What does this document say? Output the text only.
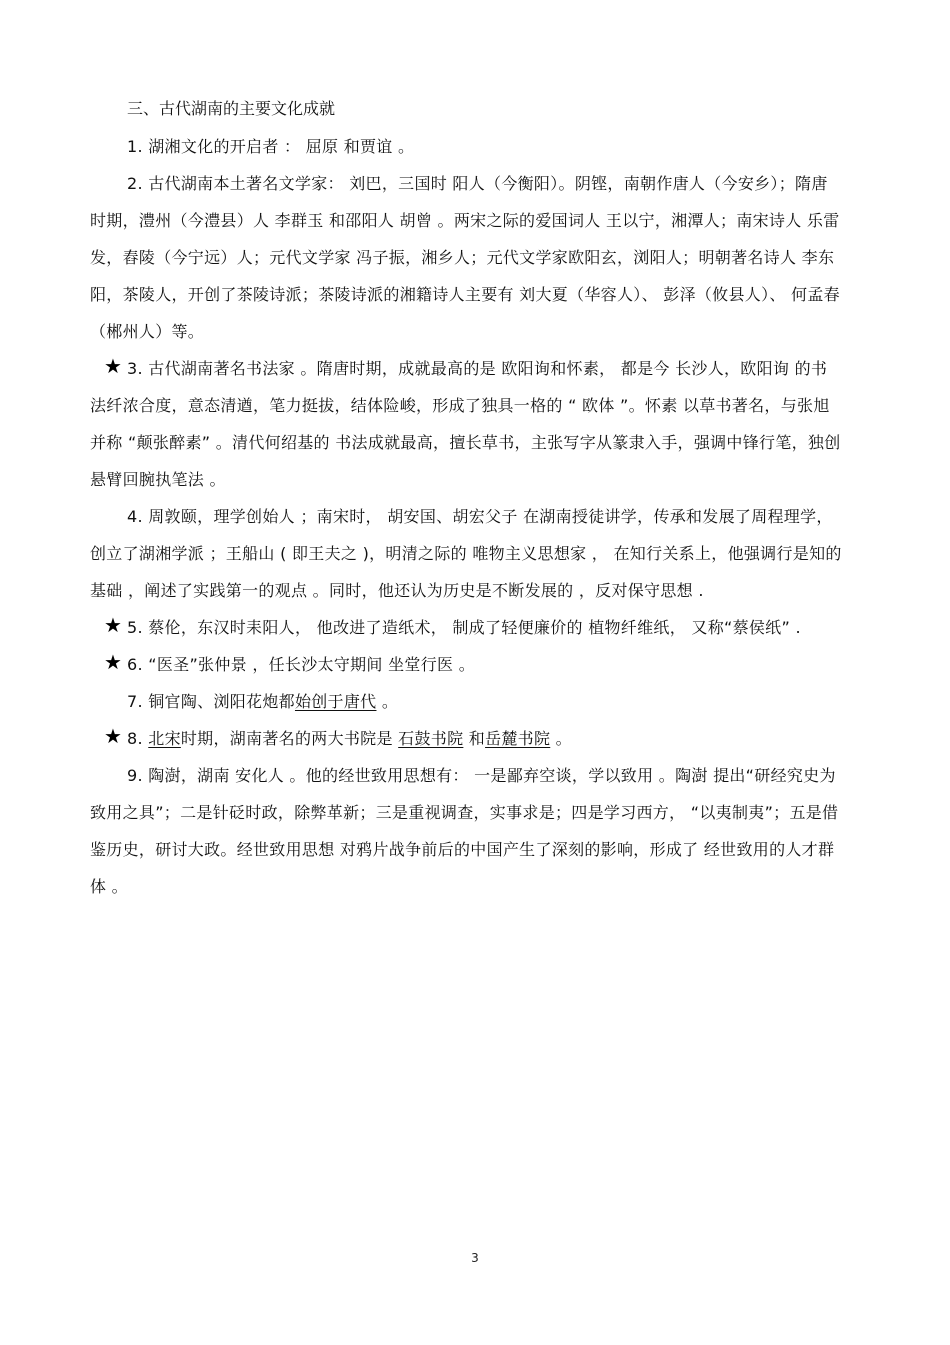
三、古代湖南的主要文化成就

1. 湖湘文化的开启者 ： 屈原 和贾谊 。

2. 古代湖南本土著名文学家： 刘巴，三国时 阳人（今衡阳）。阴铿，南朝作唐人（今安乡）；隋唐时期，澧州（今澧县）人 李群玉 和邵阳人 胡曾 。两宋之际的爱国词人 王以宁，湘潭人；南宋诗人 乐雷发，舂陵（今宁远）人；元代文学家 冯子振，湘乡人；元代文学家欧阳玄，浏阳人；明朝著名诗人 李东阳，茶陵人，开创了茶陵诗派；茶陵诗派的湘籍诗人主要有 刘大夏（华容人）、 彭泽（攸县人）、 何孟春（郴州人）等。

★ 3. 古代湖南著名书法家 。隋唐时期，成就最高的是 欧阳询和怀素， 都是今 长沙人，欧阳询 的书法纤浓合度，意态清遒，笔力挺拔，结体险峻，形成了独具一格的 “ 欧体 ”。怀素 以草书著名，与张旭并称 “颠张醉素” 。清代何绍基的 书法成就最高，擅长草书，主张写字从篆隶入手，强调中锋行笔，独创 悬臂回腕执笔法 。

4. 周敦颐，理学创始人 ；南宋时， 胡安国、胡宏父子 在湖南授徒讲学，传承和发展了周程理学， 创立了湖湘学派 ；王船山 ( 即王夫之 )，明清之际的 唯物主义思想家 ， 在知行关系上，他强调行是知的基础 ，阐述了实践第一的观点 。同时，他还认为历史是不断发展的 ，反对保守思想 .

★ 5. 蔡伦，东汉时耒阳人， 他改进了造纸术， 制成了轻便廉价的 植物纤维纸， 又称“蔡侯纸” .

★ 6. “医圣”张仲景 ，任长沙太守期间 坐堂行医 。

7. 铜官陶、浏阳花炮都始创于唐代 。

★ 8. 北宋时期，湖南著名的两大书院是 石鼓书院 和岳麓书院 。

9. 陶澍，湖南 安化人 。他的经世致用思想有： 一是鄙弃空谈，学以致用 。陶澍 提出“研经究史为致用之具”；二是针砭时政，除弊革新；三是重视调查，实事求是；四是学习西方， “以夷制夷”；五是借鉴历史，研讨大政。经世致用思想 对鸦片战争前后的中国产生了深刻的影响，形成了 经世致用的人才群体 。

3
